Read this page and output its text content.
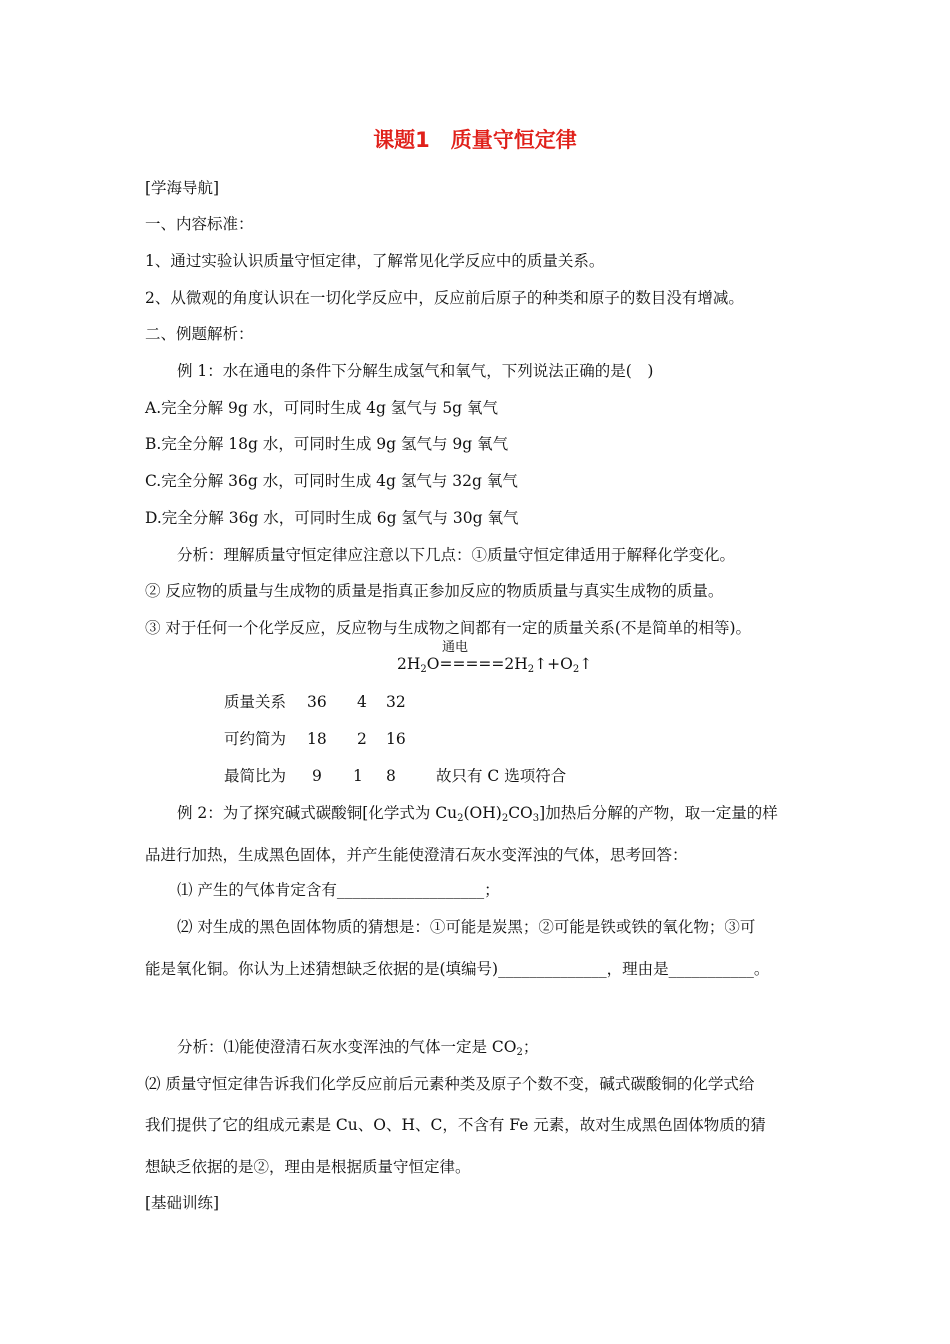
课题1　质量守恒定律
[学海导航]
一、内容标准：
1、通过实验认识质量守恒定律，了解常见化学反应中的质量关系。
2、从微观的角度认识在一切化学反应中，反应前后原子的种类和原子的数目没有增减。
二、例题解析：
例 1：水在通电的条件下分解生成氢气和氧气，下列说法正确的是(　)
A.完全分解 9g 水，可同时生成 4g 氢气与 5g 氧气
B.完全分解 18g 水，可同时生成 9g 氢气与 9g 氧气
C.完全分解 36g 水，可同时生成 4g 氢气与 32g 氧气
D.完全分解 36g 水，可同时生成 6g 氢气与 30g 氧气
分析：理解质量守恒定律应注意以下几点：①质量守恒定律适用于解释化学变化。
② 反应物的质量与生成物的质量是指真正参加反应的物质质量与真实生成物的质量。
③ 对于任何一个化学反应，反应物与生成物之间都有一定的质量关系(不是简单的相等)。
通电
$2H_2O=====2H_2↑+O_2↑$
质量关系 36 4 32
可约简为 18 2 16
最简比为 9 1 8	故只有 C 选项符合
例 2：为了探究碱式碳酸铜[化学式为 $Cu_2(OH)_2CO_3$]加热后分解的产物，取一定量的样
品进行加热，生成黑色固体，并产生能使澄清石灰水变浑浊的气体，思考回答：
⑴ 产生的气体肯定含有___________________；
⑵ 对生成的黑色固体物质的猜想是：①可能是炭黑；②可能是铁或铁的氧化物；③可
能是氧化铜。你认为上述猜想缺乏依据的是(填编号)______________，理由是___________。
分析：⑴能使澄清石灰水变浑浊的气体一定是 $CO_2$；
⑵ 质量守恒定律告诉我们化学反应前后元素种类及原子个数不变，碱式碳酸铜的化学式给
我们提供了它的组成元素是 Cu、O、H、C，不含有 Fe 元素，故对生成黑色固体物质的猜
想缺乏依据的是②，理由是根据质量守恒定律。
[基础训练]
